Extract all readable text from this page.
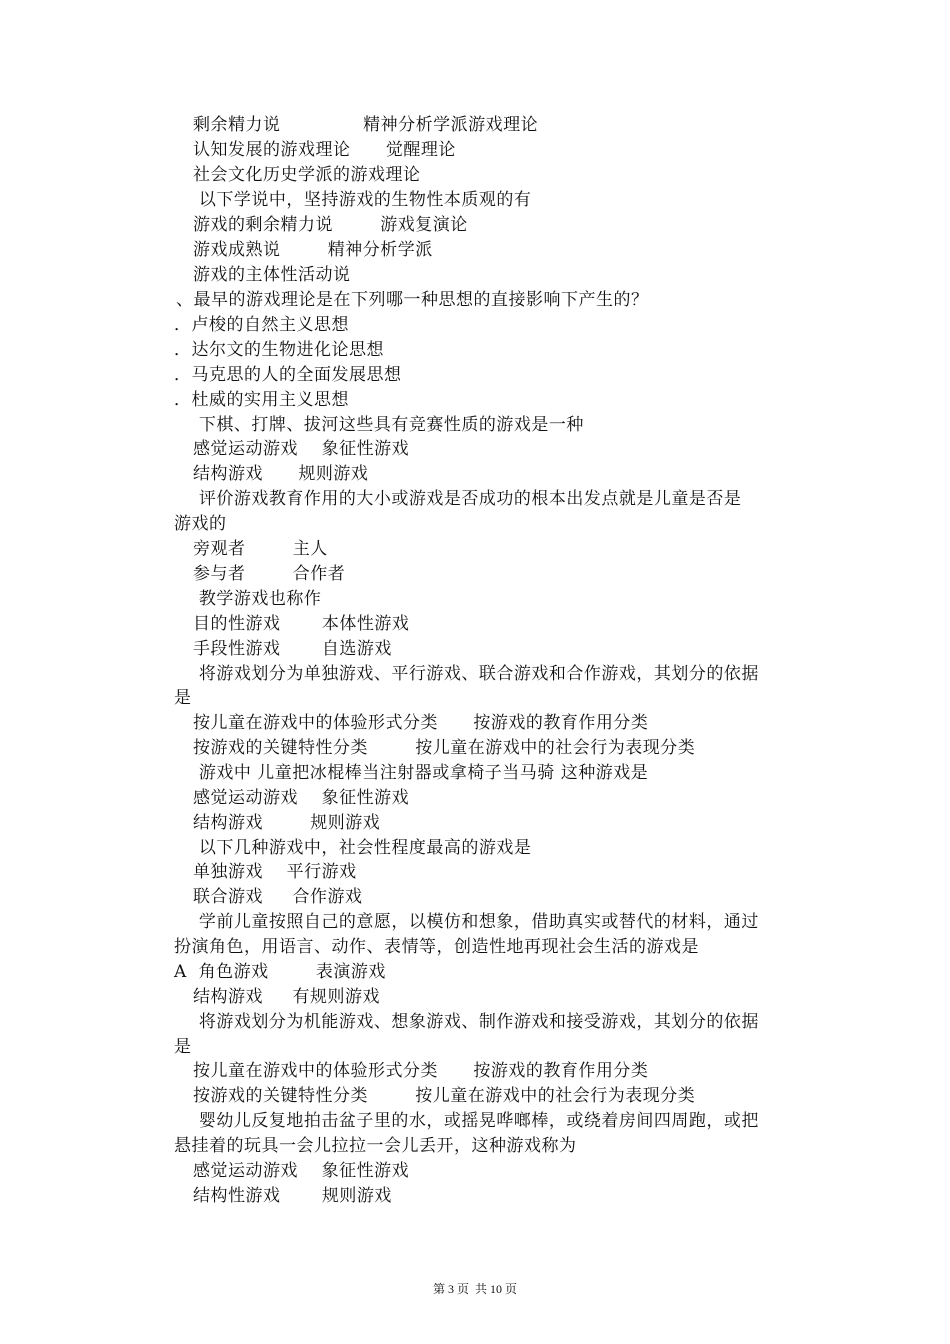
剩余精力说              精神分析学派游戏理论

认知发展的游戏理论      觉醒理论

社会文化历史学派的游戏理论

以下学说中，坚持游戏的生物性本质观的有

游戏的剩余精力说        游戏复演论

游戏成熟说        精神分析学派

游戏的主体性活动说

、最早的游戏理论是在下列哪一种思想的直接影响下产生的？

．卢梭的自然主义思想

．达尔文的生物进化论思想

．马克思的人的全面发展思想

．杜威的实用主义思想

下棋、打牌、拔河这些具有竞赛性质的游戏是一种

感觉运动游戏    象征性游戏

结构游戏      规则游戏

评价游戏教育作用的大小或游戏是否成功的根本出发点就是儿童是否是

游戏的

旁观者        主人

参与者        合作者

教学游戏也称作

目的性游戏       本体性游戏

手段性游戏       自选游戏

将游戏划分为单独游戏、平行游戏、联合游戏和合作游戏，其划分的依据

是

按儿童在游戏中的体验形式分类      按游戏的教育作用分类

按游戏的关键特性分类        按儿童在游戏中的社会行为表现分类

游戏中 儿童把冰棍棒当注射器或拿椅子当马骑 这种游戏是

感觉运动游戏    象征性游戏

结构游戏        规则游戏

以下几种游戏中，社会性程度最高的游戏是

单独游戏    平行游戏

联合游戏     合作游戏

学前儿童按照自己的意愿，以模仿和想象，借助真实或替代的材料，通过

扮演角色，用语言、动作、表情等，创造性地再现社会生活的游戏是

A  角色游戏        表演游戏

结构游戏     有规则游戏

将游戏划分为机能游戏、想象游戏、制作游戏和接受游戏，其划分的依据

是

按儿童在游戏中的体验形式分类      按游戏的教育作用分类

按游戏的关键特性分类        按儿童在游戏中的社会行为表现分类

婴幼儿反复地拍击盆子里的水，或摇晃哗啷棒，或绕着房间四周跑，或把

悬挂着的玩具一会儿拉拉一会儿丢开，这种游戏称为

感觉运动游戏    象征性游戏

结构性游戏       规则游戏

第 3 页  共 10 页
